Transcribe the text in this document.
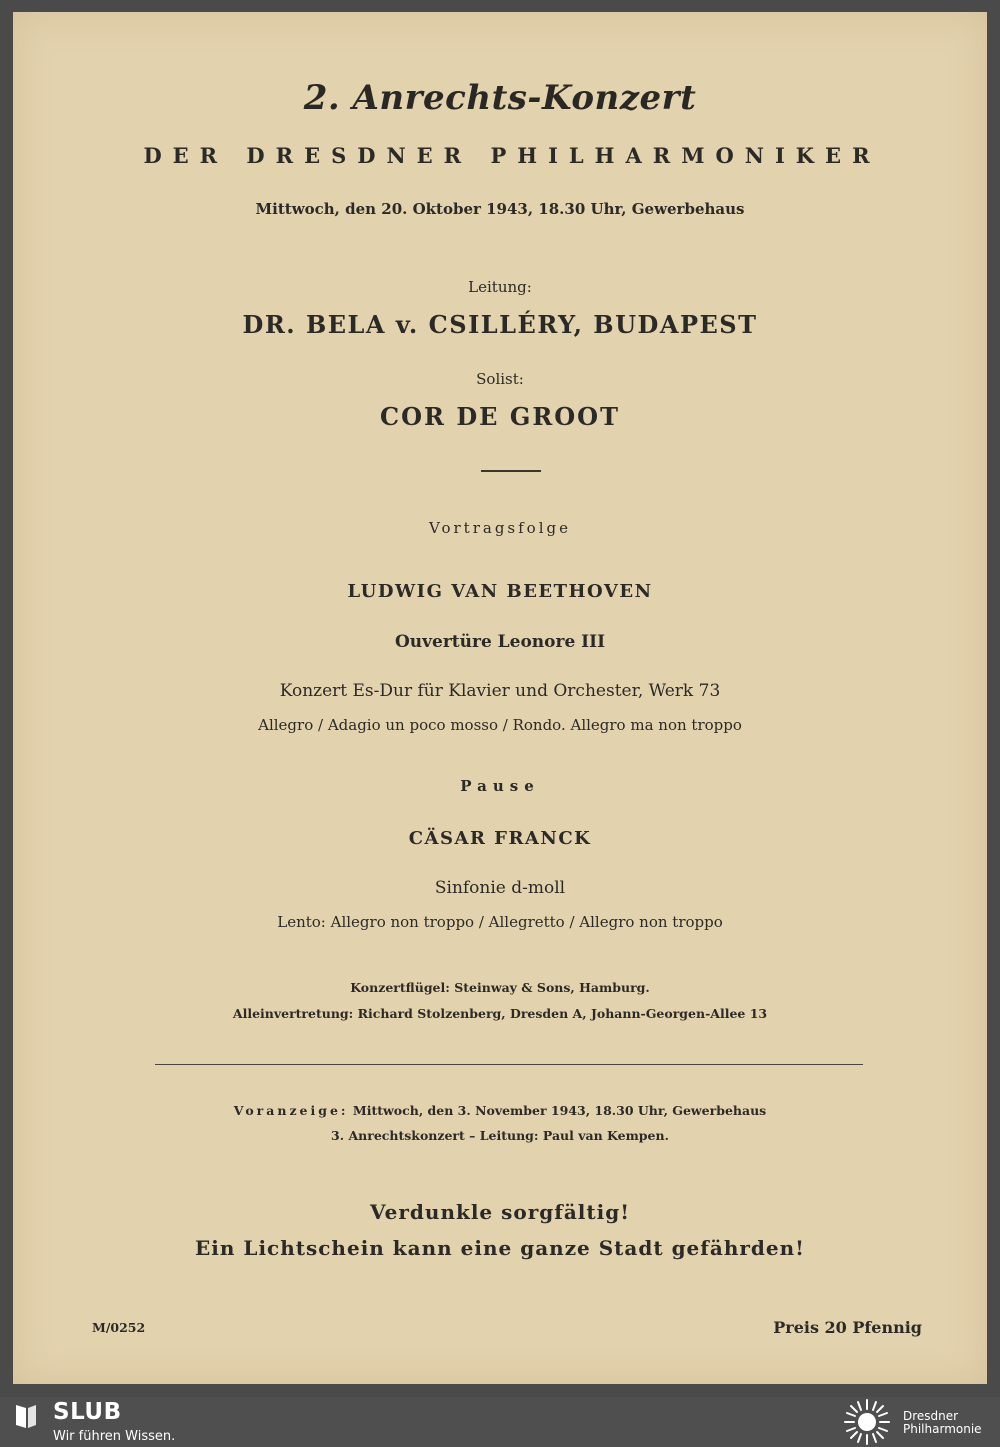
2. Anrechts-Konzert

DER DRESDNER PHILHARMONIKER

Mittwoch, den 20. Oktober 1943, 18.30 Uhr, Gewerbehaus

Leitung:

DR. BELA v. CSILLÉRY, BUDAPEST

Solist:

COR DE GROOT

Vortragsfolge

LUDWIG VAN BEETHOVEN

Ouvertüre Leonore III

Konzert Es-Dur für Klavier und Orchester, Werk 73

Allegro / Adagio un poco mosso / Rondo. Allegro ma non troppo

Pause

CÄSAR FRANCK

Sinfonie d-moll

Lento: Allegro non troppo / Allegretto / Allegro non troppo

Konzertflügel: Steinway & Sons, Hamburg.

Alleinvertretung: Richard Stolzenberg, Dresden A, Johann-Georgen-Allee 13

Voranzeige: Mittwoch, den 3. November 1943, 18.30 Uhr, Gewerbehaus

3. Anrechtskonzert – Leitung: Paul van Kempen.

Verdunkle sorgfältig!

Ein Lichtschein kann eine ganze Stadt gefährden!

M/0252	Preis 20 Pfennig

SLUB

Wir führen Wissen.

Dresdner
Philharmonie
